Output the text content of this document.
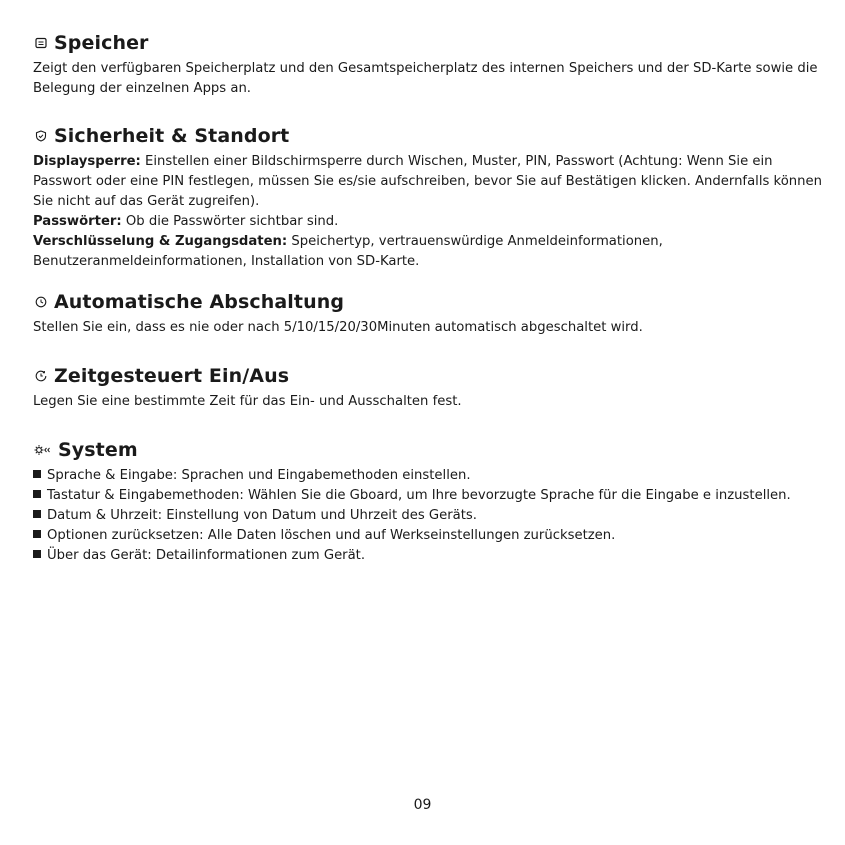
Speicher

Zeigt den verfügbaren Speicherplatz und den Gesamtspeicherplatz des internen Speichers und der SD-Karte sowie die Belegung der einzelnen Apps an.

Sicherheit & Standort

Displaysperre: Einstellen einer Bildschirmsperre durch Wischen, Muster, PIN, Passwort (Achtung: Wenn Sie ein Passwort oder eine PIN festlegen, müssen Sie es/sie aufschreiben, bevor Sie auf Bestätigen klicken. Andernfalls können Sie nicht auf das Gerät zugreifen).

Passwörter: Ob die Passwörter sichtbar sind.

Verschlüsselung & Zugangsdaten: Speichertyp, vertrauenswürdige Anmeldeinformationen, Benutzeranmeldeinformationen, Installation von SD-Karte.

Automatische Abschaltung

Stellen Sie ein, dass es nie oder nach 5/10/15/20/30Minuten automatisch abgeschaltet wird.

Zeitgesteuert Ein/Aus

Legen Sie eine bestimmte Zeit für das Ein- und Ausschalten fest.

System
Sprache & Eingabe: Sprachen und Eingabemethoden einstellen.
Tastatur & Eingabemethoden: Wählen Sie die Gboard, um Ihre bevorzugte Sprache für die Eingabe e inzustellen.
Datum & Uhrzeit: Einstellung von Datum und Uhrzeit des Geräts.
Optionen zurücksetzen: Alle Daten löschen und auf Werkseinstellungen zurücksetzen.
Über das Gerät: Detailinformationen zum Gerät.
09
